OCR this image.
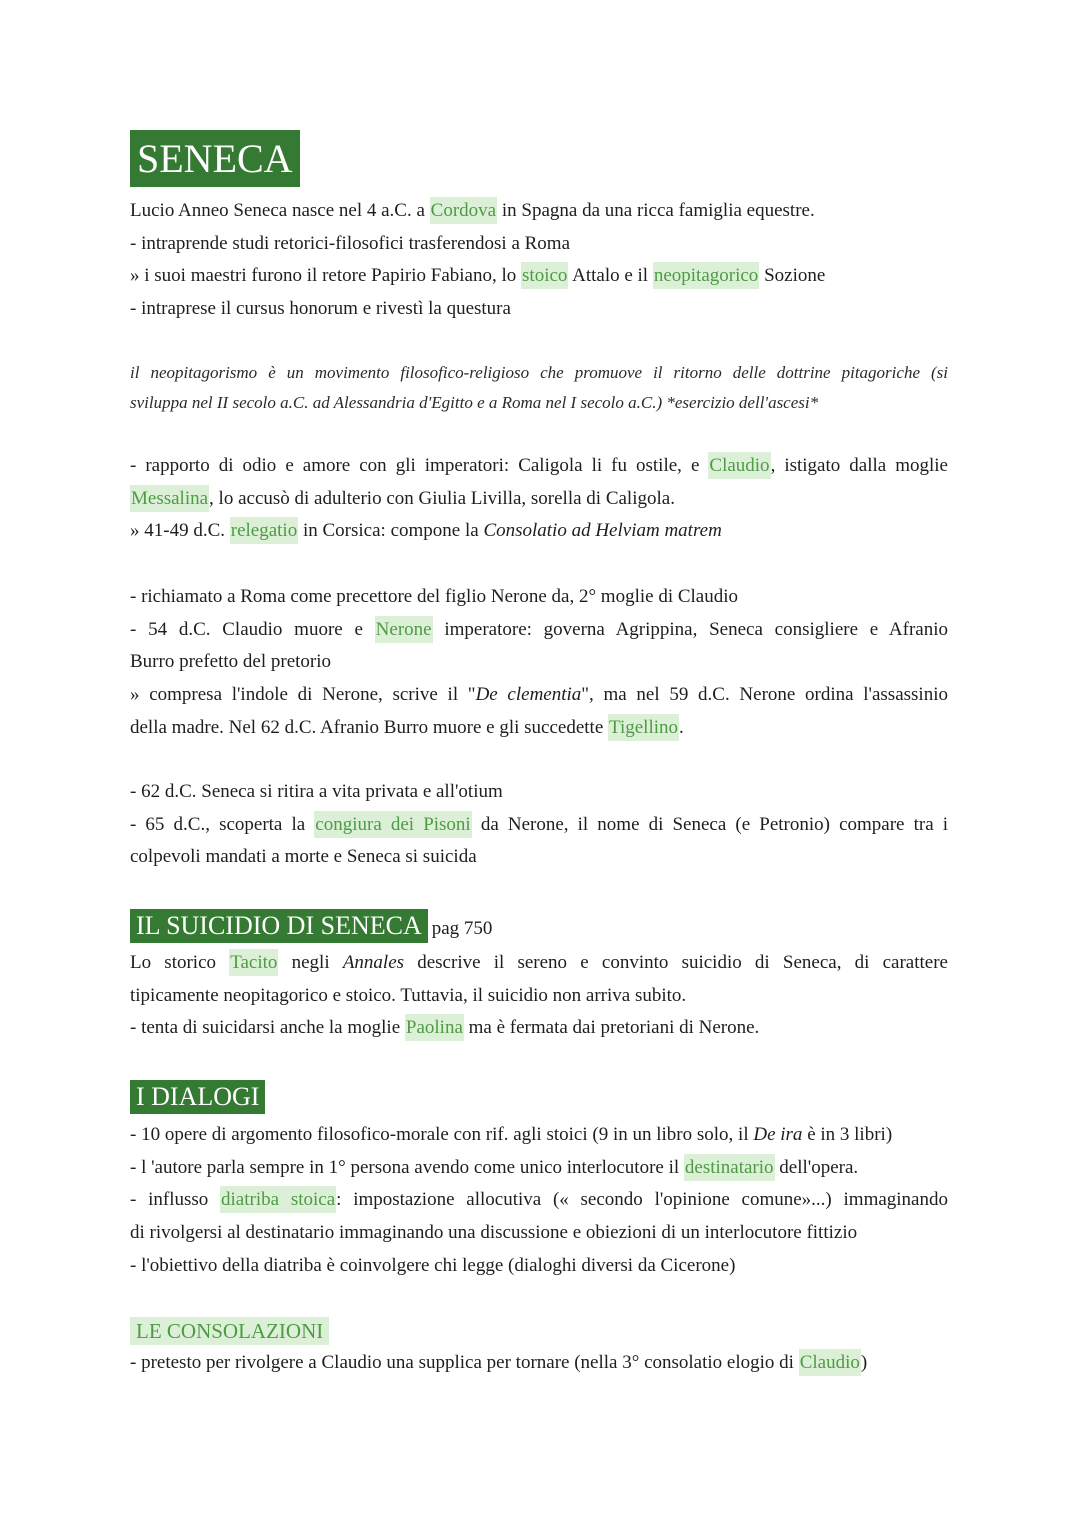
SENECA
Lucio Anneo Seneca nasce nel 4 a.C. a Cordova in Spagna da una ricca famiglia equestre.
- intraprende studi retorici-filosofici trasferendosi a Roma
» i suoi maestri furono il retore Papirio Fabiano, lo stoico Attalo e il neopitagorico Sozione
- intraprese il cursus honorum e rivestì la questura
il neopitagorismo è un movimento filosofico-religioso che promuove il ritorno delle dottrine pitagoriche (si
sviluppa nel II secolo a.C. ad Alessandria d'Egitto e a Roma nel I secolo a.C.) *esercizio dell'ascesi*
- rapporto di odio e amore con gli imperatori: Caligola li fu ostile, e Claudio, istigato dalla moglie
Messalina, lo accusò di adulterio con Giulia Livilla, sorella di Caligola.
» 41-49 d.C. relegatio in Corsica: compone la Consolatio ad Helviam matrem
- richiamato a Roma come precettore del figlio Nerone da, 2° moglie di Claudio
- 54 d.C. Claudio muore e Nerone imperatore: governa Agrippina, Seneca consigliere e Afranio
Burro prefetto del pretorio
» compresa l'indole di Nerone, scrive il "De clementia", ma nel 59 d.C. Nerone ordina l'assassinio
della madre. Nel 62 d.C. Afranio Burro muore e gli succedette Tigellino.
- 62 d.C. Seneca si ritira a vita privata e all'otium
- 65 d.C., scoperta la congiura dei Pisoni da Nerone, il nome di Seneca (e Petronio) compare tra i
colpevoli mandati a morte e Seneca si suicida
IL SUICIDIO DI SENECA pag 750
Lo storico Tacito negli Annales descrive il sereno e convinto suicidio di Seneca, di carattere
tipicamente neopitagorico e stoico. Tuttavia, il suicidio non arriva subito.
- tenta di suicidarsi anche la moglie Paolina ma è fermata dai pretoriani di Nerone.
I DIALOGI
- 10 opere di argomento filosofico-morale con rif. agli stoici (9 in un libro solo, il De ira è in 3 libri)
- l 'autore parla sempre in 1° persona avendo come unico interlocutore il destinatario dell'opera.
- influsso diatriba stoica: impostazione allocutiva (« secondo l'opinione comune»...) immaginando
di rivolgersi al destinatario immaginando una discussione e obiezioni di un interlocutore fittizio
- l'obiettivo della diatriba è coinvolgere chi legge (dialoghi diversi da Cicerone)
LE CONSOLAZIONI
- pretesto per rivolgere a Claudio una supplica per tornare (nella 3° consolatio elogio di Claudio)
